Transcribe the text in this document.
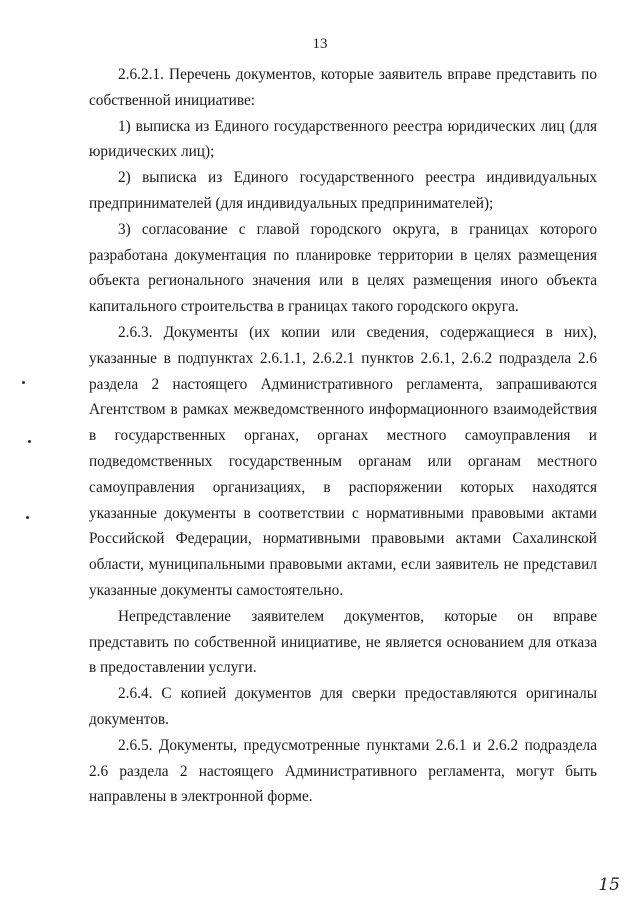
13

2.6.2.1. Перечень документов, которые заявитель вправе представить по собственной инициативе:

1) выписка из Единого государственного реестра юридических лиц (для юридических лиц);

2) выписка из Единого государственного реестра индивидуальных предпринимателей (для индивидуальных предпринимателей);

3) согласование с главой городского округа, в границах которого разработана документация по планировке территории в целях размещения объекта регионального значения или в целях размещения иного объекта капитального строительства в границах такого городского округа.

2.6.3. Документы (их копии или сведения, содержащиеся в них), указанные в подпунктах 2.6.1.1, 2.6.2.1 пунктов 2.6.1, 2.6.2 подраздела 2.6 раздела 2 настоящего Административного регламента, запрашиваются Агентством в рамках межведомственного информационного взаимодействия в государственных органах, органах местного самоуправления и подведомственных государственным органам или органам местного самоуправления организациях, в распоряжении которых находятся указанные документы в соответствии с нормативными правовыми актами Российской Федерации, нормативными правовыми актами Сахалинской области, муниципальными правовыми актами, если заявитель не представил указанные документы самостоятельно.

Непредставление заявителем документов, которые он вправе представить по собственной инициативе, не является основанием для отказа в предоставлении услуги.

2.6.4. С копией документов для сверки предоставляются оригиналы документов.

2.6.5. Документы, предусмотренные пунктами 2.6.1 и 2.6.2 подраздела 2.6 раздела 2 настоящего Административного регламента, могут быть направлены в электронной форме.

15
